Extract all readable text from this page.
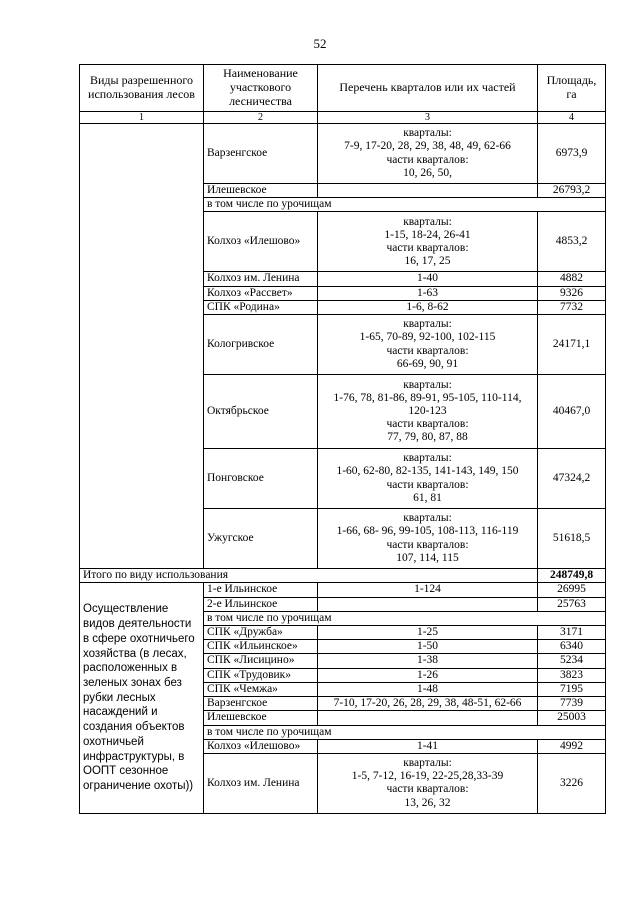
52
Виды разрешенного использования лесов	Наименование участкового лесничества	Перечень кварталов или их частей	Площадь, га
1	2	3	4
	Варзенгское	кварталы:
7-9, 17-20, 28, 29, 38, 48, 49, 62-66
части кварталов:
10, 26, 50,	6973,9
	Илешевское		26793,2
	в том числе по урочищам		
	Колхоз «Илешово»	кварталы:
1-15, 18-24, 26-41
части кварталов:
16, 17, 25	4853,2
	Колхоз им. Ленина	1-40	4882
	Колхоз «Рассвет»	1-63	9326
	СПК «Родина»	1-6, 8-62	7732
	Кологривское	кварталы:
1-65, 70-89, 92-100, 102-115
части кварталов:
66-69, 90, 91	24171,1
	Октябрьское	кварталы:
1-76, 78, 81-86, 89-91, 95-105, 110-114,
120-123
части кварталов:
77, 79, 80, 87, 88	40467,0
	Понговское	кварталы:
1-60, 62-80, 82-135, 141-143, 149, 150
части кварталов:
61, 81	47324,2
	Ужугское	кварталы:
1-66, 68- 96, 99-105, 108-113, 116-119
части кварталов:
107, 114, 115	51618,5
Итого по виду использования			248749,8
Осуществление видов деятельности в сфере охотничьего хозяйства (в лесах, расположенных в зеленых зонах без рубки лесных насаждений и создания объектов охотничьей инфраструктуры, в ООПТ сезонное ограничение охоты))	1-е Ильинское	1-124	26995
	2-е Ильинское		25763
	в том числе по урочищам		
	СПК «Дружба»	1-25	3171
	СПК «Ильинское»	1-50	6340
	СПК «Лисицино»	1-38	5234
	СПК «Трудовик»	1-26	3823
	СПК «Чемжа»	1-48	7195
	Варзенгское	7-10, 17-20, 26, 28, 29, 38, 48-51, 62-66	7739
	Илешевское		25003
	в том числе по урочищам		
	Колхоз «Илешово»	1-41	4992
	Колхоз им. Ленина	кварталы:
1-5, 7-12, 16-19, 22-25,28,33-39
части кварталов:
13, 26, 32	3226
